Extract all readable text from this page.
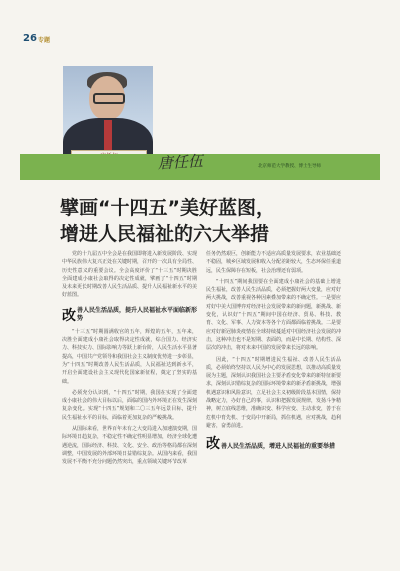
26 专题
唐任伍	北京师范大学教授、博士生导师
擘画“十四五”美好蓝图，
增进人民福祉的六大举措

党的十九届五中全会是在我国即将进入新发展阶段、实现中华民族伟大复兴正处在关键时期，召开的一次具有全局性、历史性意义的重要会议。全会高度评价了“十三五”时期决胜全面建成小康社会取得的决定性成就，擘画了“十四五”时期及未来更长时期改善人民生活品质、提升人民福祉新水平的美好蓝图。

改 善人民生活品质，提升人民福祉水平面临新形势

“十三五”时期圆满收官的五年，辉煌的五年，五年来，决胜全面建成小康社会取得决定性成就，综合国力、经济实力、科技实力、国际影响力等跃上新台阶，人民生活水平显著提高，中国共产党领导和我国社会主义制度优势进一步彰显，为“十四五”时期改善人民生活品质，人民福祉达到新水平，开启全面建设社会主义现代化国家新征程，奠定了坚实的基础。

必须充分认识到，“十四五”时期，我国在实现了全面建成小康社会的伟大目标以后，面临的国内外环境正在发生深刻复杂变化。实现“十四五”规划和二〇三五年远景目标，提升民生福祉水平的目标，面临着更加复杂的严峻挑战。

从国际来看，世界百年未有之大变局进入加速演变期，国际环境日趋复杂，不稳定性不确定性明显增加，经济全球化遭遇逆流，国际经济、科技、文化、安全、政治等格局都在深刻调整，中国发展的外部环境日益错综复杂。从国内来看，我国发展不平衡不充分问题仍然突出，重点领域关键环节改革

任务仍然艰巨，创新能力不适应高质量发展要求，农业基础还不稳固，城乡区域发展和收入分配差距较大，生态环保任重道远，民生保障存在短板，社会治理还有弱项。

“十四五”期间我国要在全面建成小康社会的基础上增进民生福祉，改善人民生活品质，必须把握好两大变量，应对好两大挑战，改善重视各种因素叠加带来的不确定性。一是要应对好中美大国博弈对经济社会发展带来的新问题，新挑战、新变化，认识好“十四五”期间中国在经济、贸易、科技、教育、文化、军事、人力资本等各个方面都面临着挑战。二是要应对好新冠肺炎疫情在全球持续蔓延对中国经济社会发展的冲击，这种冲击也不是短期、表面的，而是中长期、结构性、深层次的冲击，将对未来中国的发展带来长远的影响。

因此，“十四五”时期增进民生福祉、改善人民生活品质，必须始终坚持以人民为中心的发展思想，以推动高质量发展为主题，深刻认识我国社会主要矛盾变化带来的新特征新要求，深刻认识错综复杂的国际环境带来的新矛盾新挑战，增强机遇意识和风险意识，立足社会主义初级阶段基本国情，保持战略定力，办好自己的事，认识和把握发展规律，发扬斗争精神，树立底线思维，准确识变、科学应变、主动求变，善于在危机中育先机、于变局中开新局，抓住机遇，应对挑战，趋利避害，奋勇前进。

改 善人民生活品质，增进人民福祉的重要举措
